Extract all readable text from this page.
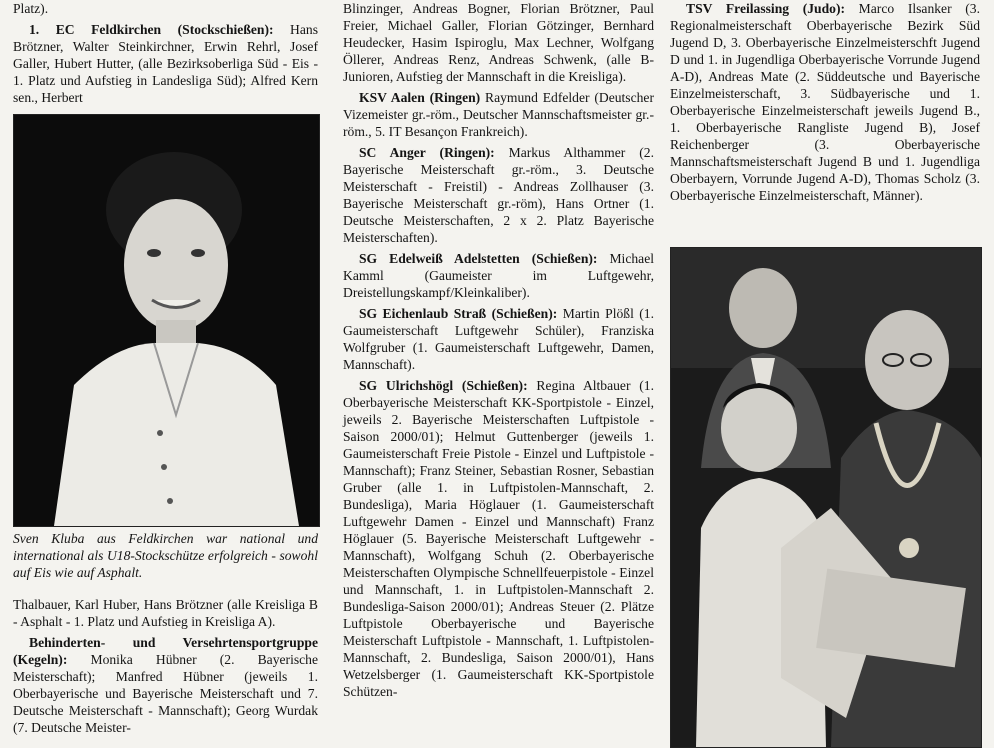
Platz).

1. EC Feldkirchen (Stockschießen): Hans Brötzner, Walter Steinkirchner, Erwin Rehrl, Josef Galler, Hubert Hutter, (alle Bezirksoberliga Süd - Eis - 1. Platz und Aufstieg in Landesliga Süd); Alfred Kern sen., Herbert

Sven Kluba aus Feldkirchen war national und international als U18-Stockschütze erfolgreich - sowohl auf Eis wie auf Asphalt.

Thalbauer, Karl Huber, Hans Brötzner (alle Kreisliga B - Asphalt - 1. Platz und Aufstieg in Kreisliga A).

Behinderten- und Versehrtensportgruppe (Kegeln): Monika Hübner (2. Bayerische Meisterschaft); Manfred Hübner (jeweils 1. Oberbayerische und Bayerische Meisterschaft und 7. Deutsche Meisterschaft - Mannschaft); Georg Wurdak (7. Deutsche Meister-

Blinzinger, Andreas Bogner, Florian Brötzner, Paul Freier, Michael Galler, Florian Götzinger, Bernhard Heudecker, Hasim Ispiroglu, Max Lechner, Wolfgang Öllerer, Andreas Renz, Andreas Schwenk, (alle B-Junioren, Aufstieg der Mannschaft in die Kreisliga).

KSV Aalen (Ringen) Raymund Edfelder (Deutscher Vizemeister gr.-röm., Deutscher Mannschaftsmeister gr.-röm., 5. IT Besançon Frankreich).

SC Anger (Ringen): Markus Althammer (2. Bayerische Meisterschaft gr.-röm., 3. Deutsche Meisterschaft - Freistil) - Andreas Zollhauser (3. Bayerische Meisterschaft gr.-röm), Hans Ortner (1. Deutsche Meisterschaften, 2 x 2. Platz Bayerische Meisterschaften).

SG Edelweiß Adelstetten (Schießen): Michael Kamml (Gaumeister im Luftgewehr, Dreistellungskampf/Kleinkaliber).

SG Eichenlaub Straß (Schießen): Martin Plößl (1. Gaumeisterschaft Luftgewehr Schüler), Franziska Wolfgruber (1. Gaumeisterschaft Luftgewehr, Damen, Mannschaft).

SG Ulrichshögl (Schießen): Regina Altbauer (1. Oberbayerische Meisterschaft KK-Sportpistole - Einzel, jeweils 2. Bayerische Meisterschaften Luftpistole - Saison 2000/01); Helmut Guttenberger (jeweils 1. Gaumeisterschaft Freie Pistole - Einzel und Luftpistole - Mannschaft); Franz Steiner, Sebastian Rosner, Sebastian Gruber (alle 1. in Luftpistolen-Mannschaft, 2. Bundesliga), Maria Höglauer (1. Gaumeisterschaft Luftgewehr Damen - Einzel und Mannschaft) Franz Höglauer (5. Bayerische Meisterschaft Luftgewehr - Mannschaft), Wolfgang Schuh (2. Oberbayerische Meisterschaften Olympische Schnellfeuerpistole - Einzel und Mannschaft, 1. in Luftpistolen-Mannschaft 2. Bundesliga-Saison 2000/01); Andreas Steuer (2. Plätze Luftpistole Oberbayerische und Bayerische Meisterschaft Luftpistole - Mannschaft, 1. Luftpistolen-Mannschaft, 2. Bundesliga, Saison 2000/01), Hans Wetzelsberger (1. Gaumeisterschaft KK-Sportpistole Schützen-

TSV Freilassing (Judo): Marco Ilsanker (3. Regionalmeisterschaft Oberbayerische Bezirk Süd Jugend D, 3. Oberbayerische Einzelmeisterschft Jugend D und 1. in Jugendliga Oberbayerische Vorrunde Jugend A-D), Andreas Mate (2. Süddeutsche und Bayerische Einzelmeisterschaft, 3. Südbayerische und 1. Oberbayerische Einzelmeisterschaft jeweils Jugend B., 1. Oberbayerische Rangliste Jugend B), Josef Reichenberger (3. Oberbayerische Mannschaftsmeisterschaft Jugend B und 1. Jugendliga Oberbayern, Vorrunde Jugend A-D), Thomas Scholz (3. Oberbayerische Einzelmeisterschaft, Männer).
